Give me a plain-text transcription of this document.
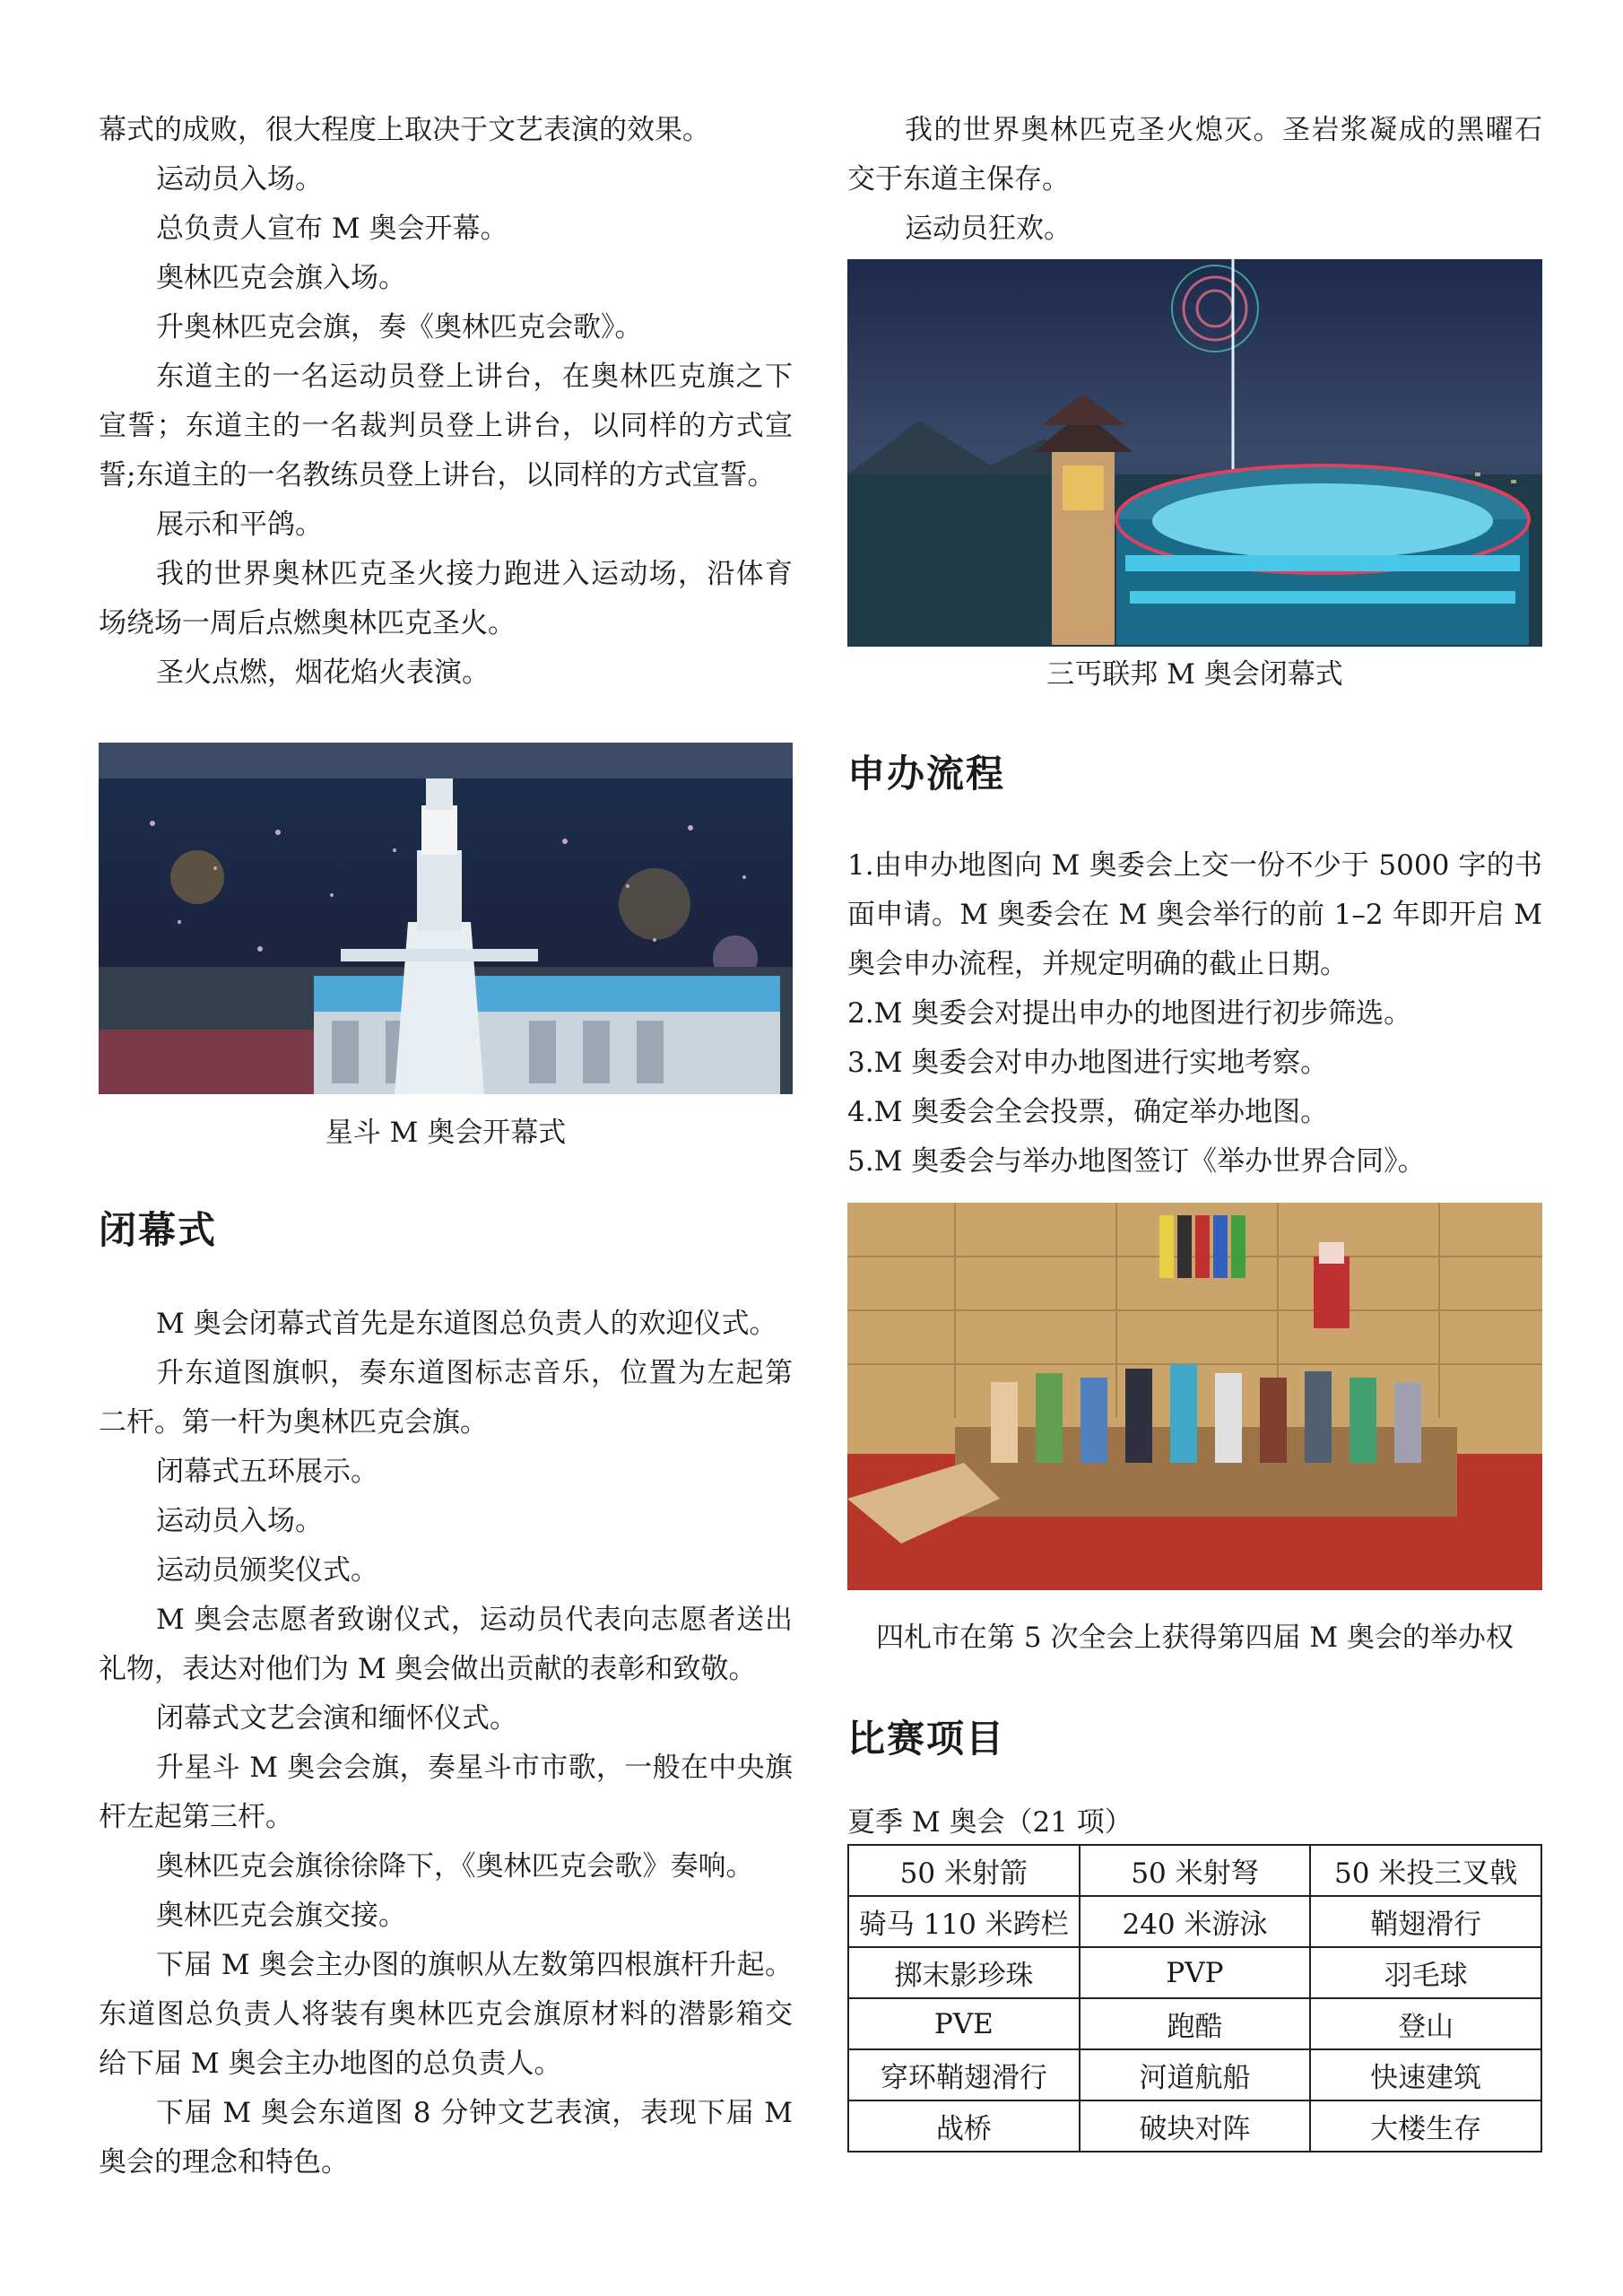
幕式的成败，很大程度上取决于文艺表演的效果。

运动员入场。

总负责人宣布 M 奥会开幕。

奥林匹克会旗入场。

升奥林匹克会旗，奏《奥林匹克会歌》。

东道主的一名运动员登上讲台，在奥林匹克旗之下宣誓；东道主的一名裁判员登上讲台，以同样的方式宣誓;东道主的一名教练员登上讲台，以同样的方式宣誓。

展示和平鸽。

我的世界奥林匹克圣火接力跑进入运动场，沿体育场绕场一周后点燃奥林匹克圣火。

圣火点燃，烟花焰火表演。

星斗 M 奥会开幕式
闭幕式

M 奥会闭幕式首先是东道图总负责人的欢迎仪式。

升东道图旗帜，奏东道图标志音乐，位置为左起第二杆。第一杆为奥林匹克会旗。

闭幕式五环展示。

运动员入场。

运动员颁奖仪式。

M 奥会志愿者致谢仪式，运动员代表向志愿者送出礼物，表达对他们为 M 奥会做出贡献的表彰和致敬。

闭幕式文艺会演和缅怀仪式。

升星斗 M 奥会会旗，奏星斗市市歌，一般在中央旗杆左起第三杆。

奥林匹克会旗徐徐降下，《奥林匹克会歌》奏响。

奥林匹克会旗交接。

下届 M 奥会主办图的旗帜从左数第四根旗杆升起。东道图总负责人将装有奥林匹克会旗原材料的潜影箱交给下届 M 奥会主办地图的总负责人。

下届 M 奥会东道图 8 分钟文艺表演，表现下届 M 奥会的理念和特色。

我的世界奥林匹克圣火熄灭。圣岩浆凝成的黑曜石交于东道主保存。

运动员狂欢。

三丐联邦 M 奥会闭幕式
申办流程

1.由申办地图向 M 奥委会上交一份不少于 5000 字的书面申请。M 奥委会在 M 奥会举行的前 1–2 年即开启 M 奥会申办流程，并规定明确的截止日期。

2.M 奥委会对提出申办的地图进行初步筛选。

3.M 奥委会对申办地图进行实地考察。

4.M 奥委会全会投票，确定举办地图。

5.M 奥委会与举办地图签订《举办世界合同》。

四札市在第 5 次全会上获得第四届 M 奥会的举办权
比赛项目

夏季 M 奥会（21 项）

50 米射箭	50 米射弩	50 米投三叉戟
骑马 110 米跨栏	240 米游泳	鞘翅滑行
掷末影珍珠	PVP	羽毛球
PVE	跑酷	登山
穿环鞘翅滑行	河道航船	快速建筑
战桥	破块对阵	大楼生存
